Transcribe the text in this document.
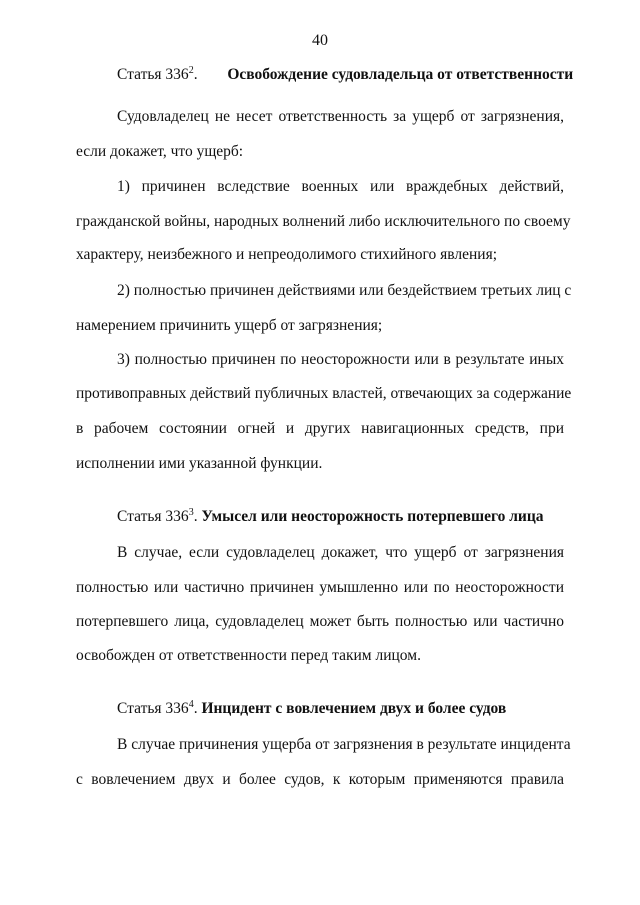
40
Статья $336^2$. Освобождение судовладельца от ответственности
Судовладелец не несет ответственность за ущерб от загрязнения,
если докажет, что ущерб:
1) причинен вследствие военных или враждебных действий,
гражданской войны, народных волнений либо исключительного по своему
характеру, неизбежного и непреодолимого стихийного явления;
2) полностью причинен действиями или бездействием третьих лиц с
намерением причинить ущерб от загрязнения;
3) полностью причинен по неосторожности или в результате иных
противоправных действий публичных властей, отвечающих за содержание
в рабочем состоянии огней и других навигационных средств, при
исполнении ими указанной функции.
Статья $336^3$. Умысел или неосторожность потерпевшего лица
В случае, если судовладелец докажет, что ущерб от загрязнения
полностью или частично причинен умышленно или по неосторожности
потерпевшего лица, судовладелец может быть полностью или частично
освобожден от ответственности перед таким лицом.
Статья $336^4$. Инцидент с вовлечением двух и более судов
В случае причинения ущерба от загрязнения в результате инцидента
с вовлечением двух и более судов, к которым применяются правила
